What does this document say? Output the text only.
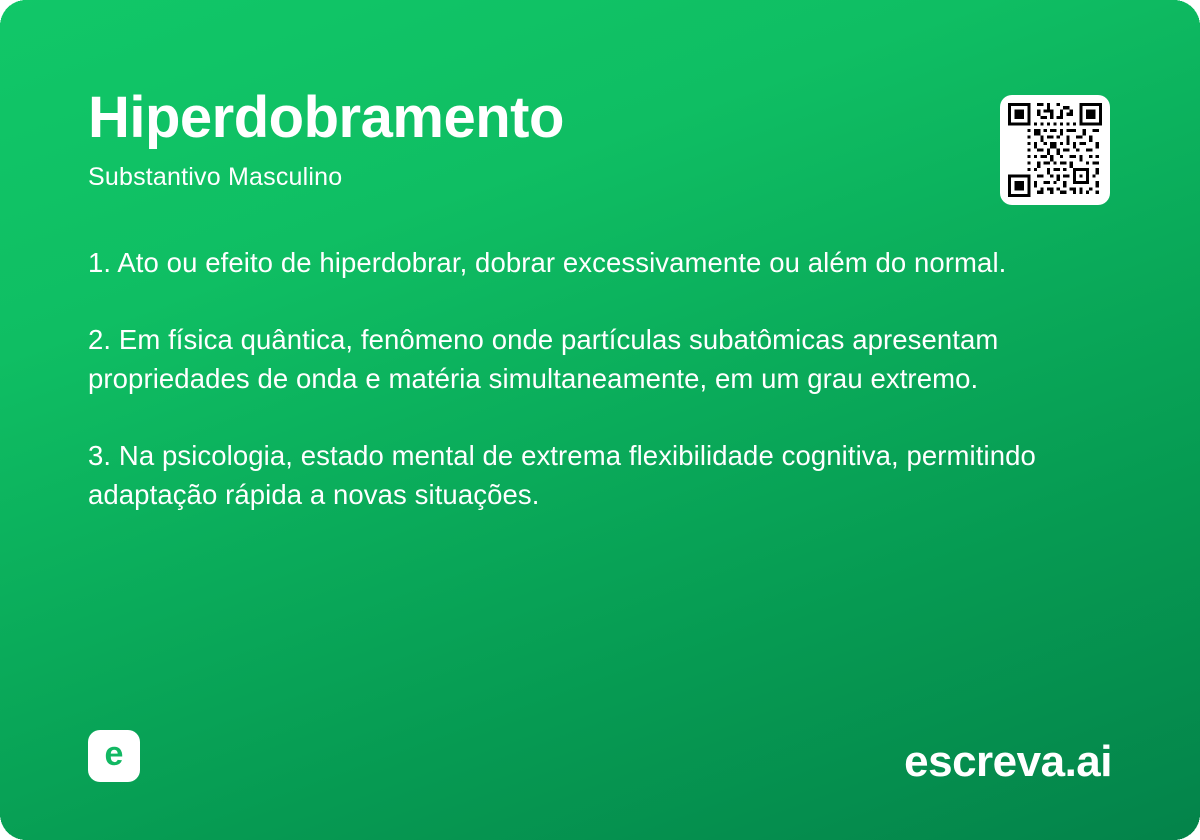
Hiperdobramento

Substantivo Masculino

1. Ato ou efeito de hiperdobrar, dobrar excessivamente ou além do normal.

2. Em física quântica, fenômeno onde partículas subatômicas apresentam propriedades de onda e matéria simultaneamente, em um grau extremo.

3. Na psicologia, estado mental de extrema flexibilidade cognitiva, permitindo adaptação rápida a novas situações.

e	escreva.ai
